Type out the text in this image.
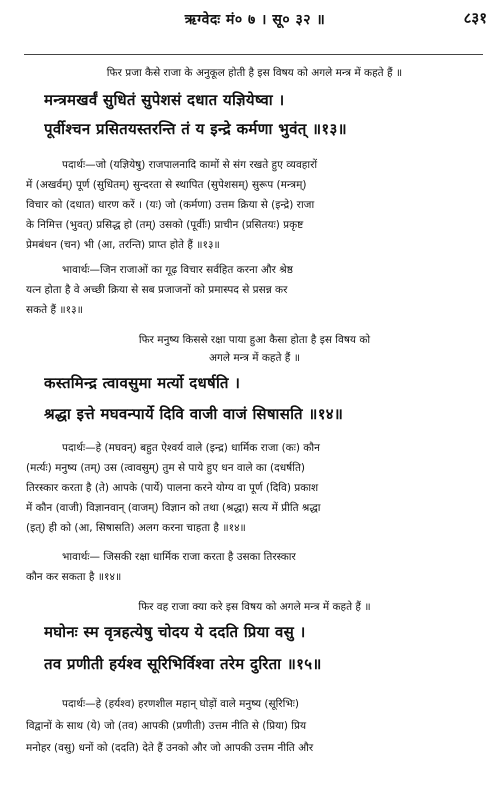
ऋग्वेदः मं० ७ । सू० ३२ ॥	८३१
फिर प्रजा कैसे राजा के अनुकूल होती है इस विषय को अगले मन्त्र में कहते हैं ॥
मन्त्रमखर्वं सुधितं सुपेशसं दधात यज्ञियेष्वा ।
पूर्वीश्चन प्रसितयस्तरन्ति तं य इन्द्रे कर्मणा भुवंत् ॥१३॥
पदार्थः—जो (यज्ञियेषु) राजपालनादि कामों से संग रखते हुए व्यवहारों
में (अखर्वम्) पूर्ण (सुधितम्) सुन्दरता से स्थापित (सुपेशसम्) सुरूप (मन्त्रम्)
विचार को (दधात) धारण करें । (यः) जो (कर्मणा) उत्तम क्रिया से (इन्द्रे) राजा
के निमित्त (भुवत्) प्रसिद्ध हो (तम्) उसको (पूर्वीः) प्राचीन (प्रसितयः) प्रकृष्ट
प्रेमबंधन (चन) भी (आ, तरन्ति) प्राप्त होते हैं ॥१३॥
भावार्थः—जिन राजाओं का गूढ़ विचार सर्वहित करना और श्रेष्ठ
यत्न होता है वे अच्छी क्रिया से सब प्रजाजनों को प्रमास्पद से प्रसन्न कर
सकते हैं ॥१३॥
फिर मनुष्य किससे रक्षा पाया हुआ कैसा होता है इस विषय को
अगले मन्त्र में कहते हैं ॥
कस्तमिन्द्र त्वावसुमा मर्त्यो दधर्षति ।
श्रद्धा इत्ते मघवन्पार्ये दिवि वाजी वाजं सिषासति ॥१४॥
पदार्थः—हे (मघवन्) बहुत ऐश्वर्य वाले (इन्द्र) धार्मिक राजा (कः) कौन
(मर्त्यः) मनुष्य (तम्) उस (त्वावसुम्) तुम से पाये हुए धन वाले का (दधर्षति)
तिरस्कार करता है (ते) आपके (पार्ये) पालना करने योग्य वा पूर्ण (दिवि) प्रकाश
में कौन (वाजी) विज्ञानवान् (वाजम्) विज्ञान को तथा (श्रद्धा) सत्य में प्रीति श्रद्धा
(इत्) ही को (आ, सिषासति) अलग करना चाहता है ॥१४॥
भावार्थः— जिसकी रक्षा धार्मिक राजा करता है उसका तिरस्कार
कौन कर सकता है ॥१४॥
फिर वह राजा क्या करे इस विषय को अगले मन्त्र में कहते हैं ॥
मघोनः स्म वृत्रहत्येषु चोदय ये ददति प्रिया वसु ।
तव प्रणीती हर्यश्व सूरिभिर्विश्वा तरेम दुरिता ॥१५॥
पदार्थः—हे (हर्यश्व) हरणशील महान् घोड़ों वाले मनुष्य (सूरिभिः)
विद्वानों के साथ (ये) जो (तव) आपकी (प्रणीती) उत्तम नीति से (प्रिया) प्रिय
मनोहर (वसु) धनों को (ददति) देते हैं उनको और जो आपकी उत्तम नीति और
